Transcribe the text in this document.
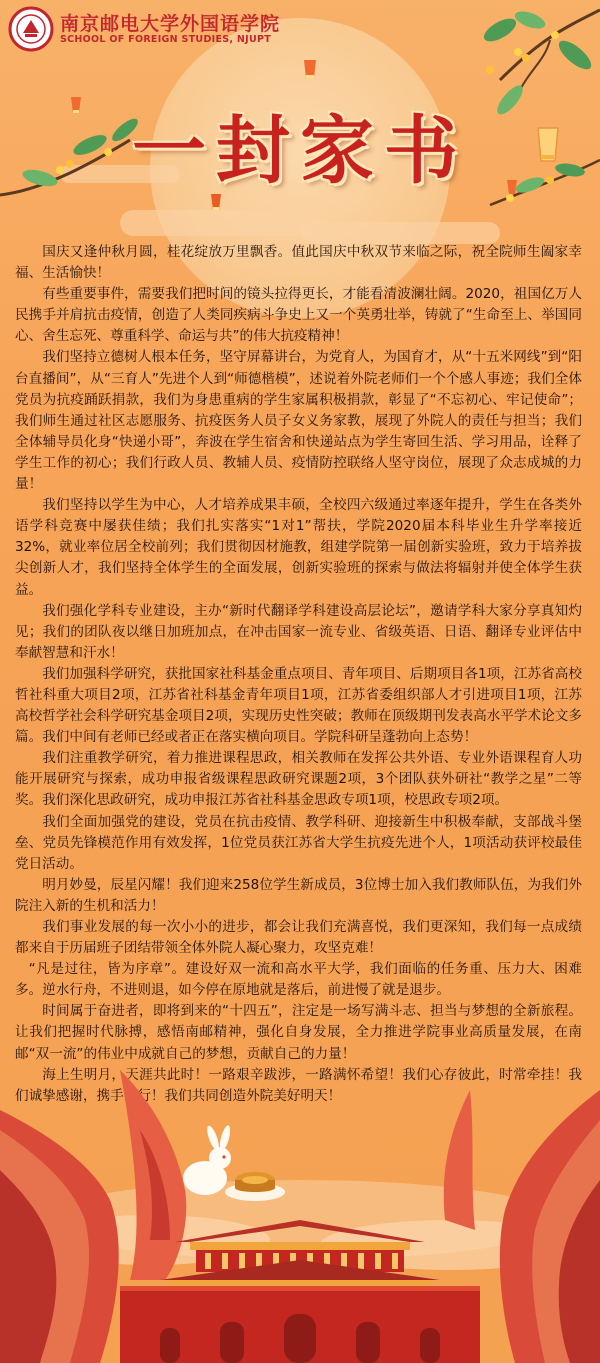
南京邮电大学外国语学院
SCHOOL OF FOREIGN STUDIES, NJUPT
一封家书

国庆又逢仲秋月圆，桂花绽放万里飘香。值此国庆中秋双节来临之际，祝全院师生阖家幸福、生活愉快！

有些重要事件，需要我们把时间的镜头拉得更长，才能看清波澜壮阔。2020，祖国亿万人民携手并肩抗击疫情，创造了人类同疾病斗争史上又一个英勇壮举，铸就了“生命至上、举国同心、舍生忘死、尊重科学、命运与共”的伟大抗疫精神！

我们坚持立德树人根本任务，坚守屏幕讲台，为党育人，为国育才，从“十五米网线”到“阳台直播间”，从“三育人”先进个人到“师德楷模”，述说着外院老师们一个个感人事迹；我们全体党员为抗疫踊跃捐款，我们为身患重病的学生家属积极捐款，彰显了“不忘初心、牢记使命”；我们师生通过社区志愿服务、抗疫医务人员子女义务家教，展现了外院人的责任与担当；我们全体辅导员化身“快递小哥”，奔波在学生宿舍和快递站点为学生寄回生活、学习用品，诠释了学生工作的初心；我们行政人员、教辅人员、疫情防控联络人坚守岗位，展现了众志成城的力量！

我们坚持以学生为中心，人才培养成果丰硕，全校四六级通过率逐年提升，学生在各类外语学科竞赛中屡获佳绩；我们扎实落实“1对1”帮扶，学院2020届本科毕业生升学率接近32%，就业率位居全校前列；我们贯彻因材施教，组建学院第一届创新实验班，致力于培养拔尖创新人才，我们坚持全体学生的全面发展，创新实验班的探索与做法将辐射并使全体学生获益。

我们强化学科专业建设，主办“新时代翻译学科建设高层论坛”，邀请学科大家分享真知灼见；我们的团队夜以继日加班加点，在冲击国家一流专业、省级英语、日语、翻译专业评估中奉献智慧和汗水！

我们加强科学研究，获批国家社科基金重点项目、青年项目、后期项目各1项，江苏省高校哲社科重大项目2项，江苏省社科基金青年项目1项，江苏省委组织部人才引进项目1项，江苏高校哲学社会科学研究基金项目2项，实现历史性突破；教师在顶级期刊发表高水平学术论文多篇。我们中间有老师已经或者正在落实横向项目。学院科研呈蓬勃向上态势！

我们注重教学研究，着力推进课程思政，相关教师在发挥公共外语、专业外语课程育人功能开展研究与探索，成功申报省级课程思政研究课题2项，3个团队获外研社“教学之星”二等奖。我们深化思政研究，成功申报江苏省社科基金思政专项1项，校思政专项2项。

我们全面加强党的建设，党员在抗击疫情、教学科研、迎接新生中积极奉献，支部战斗堡垒、党员先锋模范作用有效发挥，1位党员获江苏省大学生抗疫先进个人，1项活动获评校最佳党日活动。

明月妙曼，辰星闪耀！我们迎来258位学生新成员，3位博士加入我们教师队伍，为我们外院注入新的生机和活力！

我们事业发展的每一次小小的进步，都会让我们充满喜悦，我们更深知，我们每一点成绩都来自于历届班子团结带领全体外院人凝心聚力，攻坚克难！

“凡是过往，皆为序章”。建设好双一流和高水平大学，我们面临的任务重、压力大、困难多。逆水行舟，不进则退，如今停在原地就是落后，前进慢了就是退步。

时间属于奋进者，即将到来的“十四五”，注定是一场写满斗志、担当与梦想的全新旅程。让我们把握时代脉搏，感悟南邮精神，强化自身发展，全力推进学院事业高质量发展，在南邮“双一流”的伟业中成就自己的梦想，贡献自己的力量！

海上生明月，天涯共此时！一路艰辛跋涉，一路满怀希望！我们心存彼此，时常牵挂！我们诚挚感谢，携手同行！我们共同创造外院美好明天！
